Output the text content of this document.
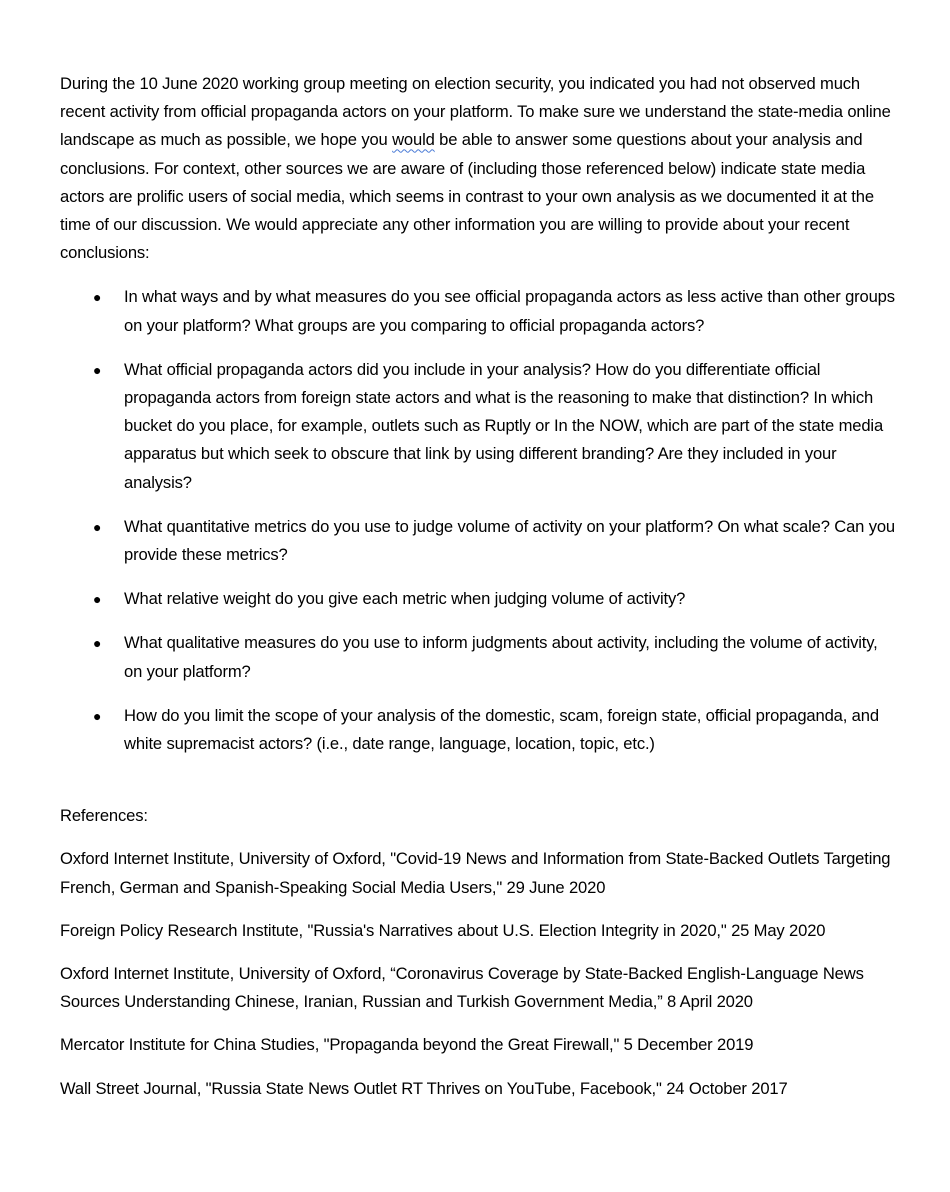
During the 10 June 2020 working group meeting on election security, you indicated you had not observed much recent activity from official propaganda actors on your platform. To make sure we understand the state-media online landscape as much as possible, we hope you would be able to answer some questions about your analysis and conclusions. For context, other sources we are aware of (including those referenced below) indicate state media actors are prolific users of social media, which seems in contrast to your own analysis as we documented it at the time of our discussion. We would appreciate any other information you are willing to provide about your recent conclusions:

● In what ways and by what measures do you see official propaganda actors as less active than other groups on your platform? What groups are you comparing to official propaganda actors?
● What official propaganda actors did you include in your analysis? How do you differentiate official propaganda actors from foreign state actors and what is the reasoning to make that distinction? In which bucket do you place, for example, outlets such as Ruptly or In the NOW, which are part of the state media apparatus but which seek to obscure that link by using different branding? Are they included in your analysis?
● What quantitative metrics do you use to judge volume of activity on your platform? On what scale? Can you provide these metrics?
● What relative weight do you give each metric when judging volume of activity?
● What qualitative measures do you use to inform judgments about activity, including the volume of activity, on your platform?
● How do you limit the scope of your analysis of the domestic, scam, foreign state, official propaganda, and white supremacist actors? (i.e., date range, language, location, topic, etc.)

References:

Oxford Internet Institute, University of Oxford, "Covid-19 News and Information from State-Backed Outlets Targeting French, German and Spanish-Speaking Social Media Users," 29 June 2020

Foreign Policy Research Institute, "Russia's Narratives about U.S. Election Integrity in 2020," 25 May 2020

Oxford Internet Institute, University of Oxford, “Coronavirus Coverage by State-Backed English-Language News Sources Understanding Chinese, Iranian, Russian and Turkish Government Media,” 8 April 2020

Mercator Institute for China Studies, "Propaganda beyond the Great Firewall," 5 December 2019

Wall Street Journal, "Russia State News Outlet RT Thrives on YouTube, Facebook," 24 October 2017
